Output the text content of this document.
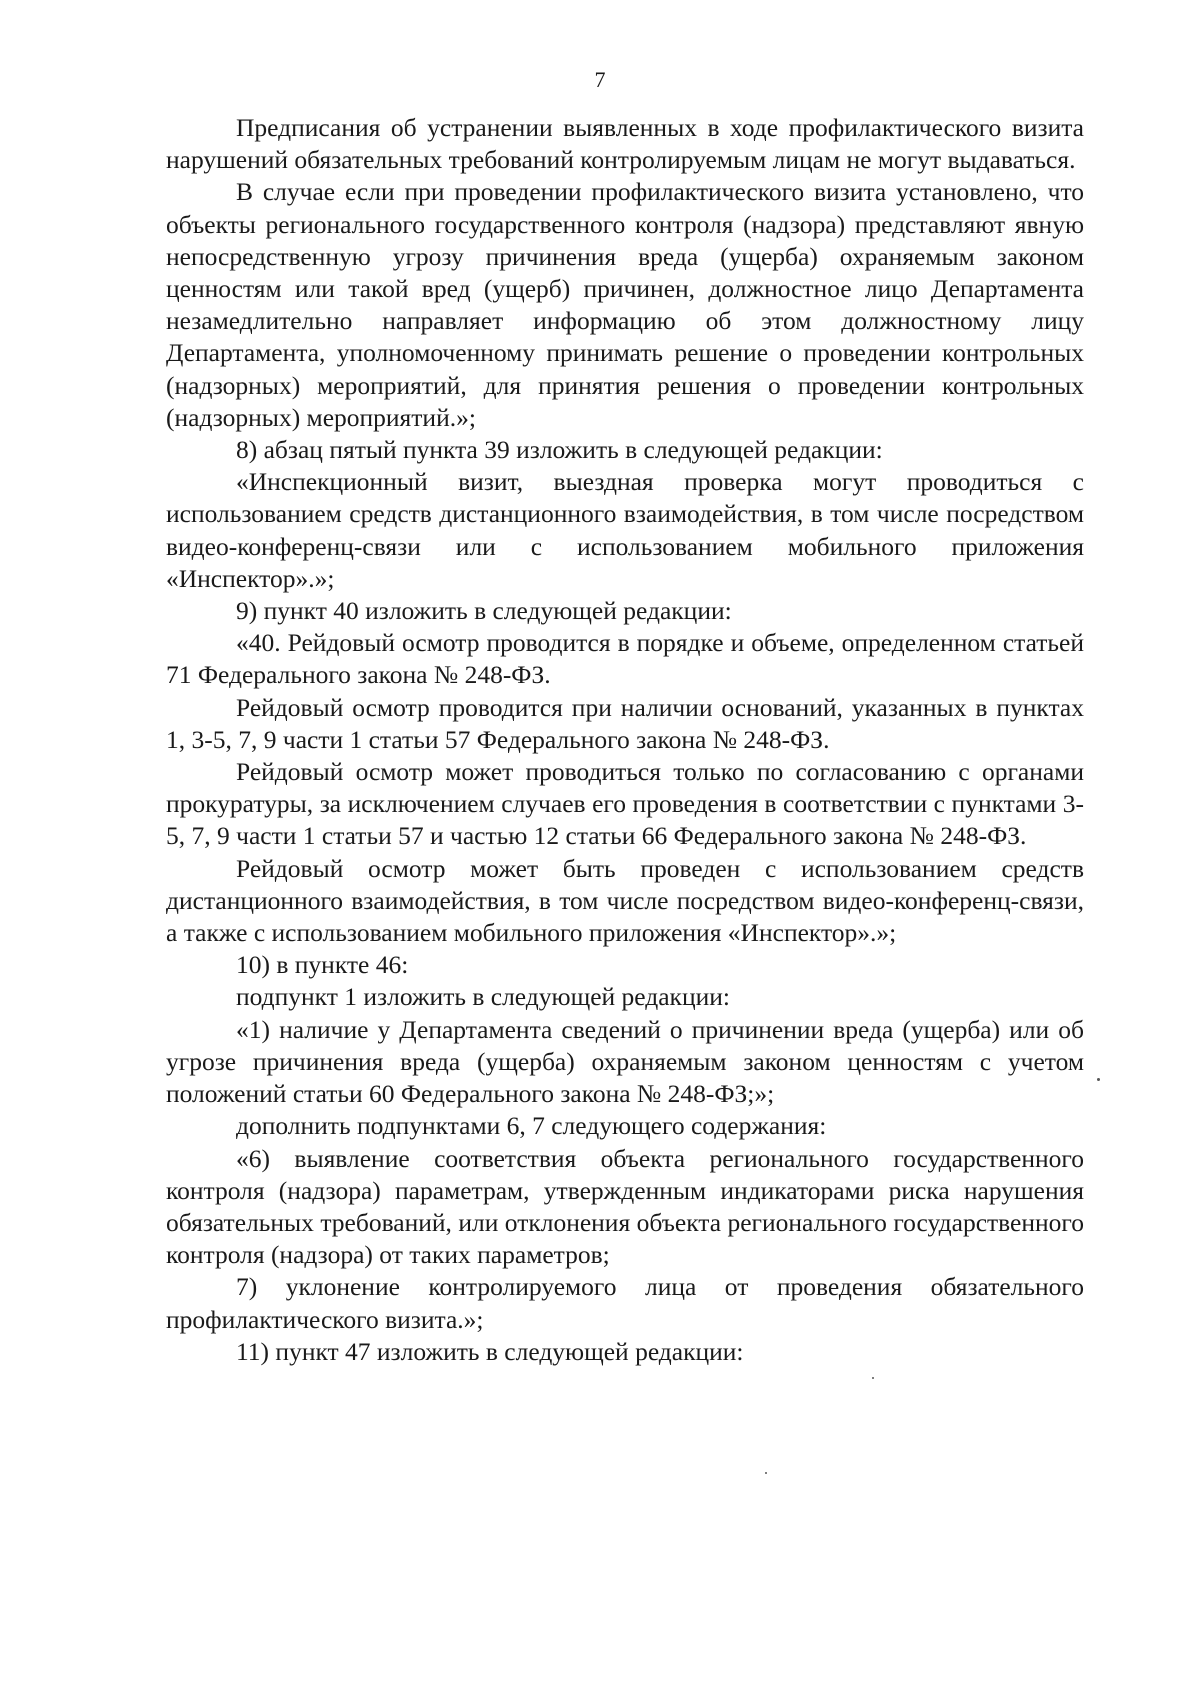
7

Предписания об устранении выявленных в ходе профилактического визита нарушений обязательных требований контролируемым лицам не могут выдаваться.

В случае если при проведении профилактического визита установлено, что объекты регионального государственного контроля (надзора) представляют явную непосредственную угрозу причинения вреда (ущерба) охраняемым законом ценностям или такой вред (ущерб) причинен, должностное лицо Департамента незамедлительно направляет информацию об этом должностному лицу Департамента, уполномоченному принимать решение о проведении контрольных (надзорных) мероприятий, для принятия решения о проведении контрольных (надзорных) мероприятий.»;

8) абзац пятый пункта 39 изложить в следующей редакции:

«Инспекционный визит, выездная проверка могут проводиться с использованием средств дистанционного взаимодействия, в том числе посредством видео-конференц-связи или с использованием мобильного приложения «Инспектор».»;

9) пункт 40 изложить в следующей редакции:

«40. Рейдовый осмотр проводится в порядке и объеме, определенном статьей 71 Федерального закона № 248-ФЗ.

Рейдовый осмотр проводится при наличии оснований, указанных в пунктах 1, 3-5, 7, 9 части 1 статьи 57 Федерального закона № 248-ФЗ.

Рейдовый осмотр может проводиться только по согласованию с органами прокуратуры, за исключением случаев его проведения в соответствии с пунктами 3-5, 7, 9 части 1 статьи 57 и частью 12 статьи 66 Федерального закона № 248-ФЗ.

Рейдовый осмотр может быть проведен с использованием средств дистанционного взаимодействия, в том числе посредством видео-конференц-связи, а также с использованием мобильного приложения «Инспектор».»;

10) в пункте 46:

подпункт 1 изложить в следующей редакции:

«1) наличие у Департамента сведений о причинении вреда (ущерба) или об угрозе причинения вреда (ущерба) охраняемым законом ценностям с учетом положений статьи 60 Федерального закона № 248-ФЗ;»;

дополнить подпунктами 6, 7 следующего содержания:

«6) выявление соответствия объекта регионального государственного контроля (надзора) параметрам, утвержденным индикаторами риска нарушения обязательных требований, или отклонения объекта регионального государственного контроля (надзора) от таких параметров;

7) уклонение контролируемого лица от проведения обязательного профилактического визита.»;

11) пункт 47 изложить в следующей редакции:
